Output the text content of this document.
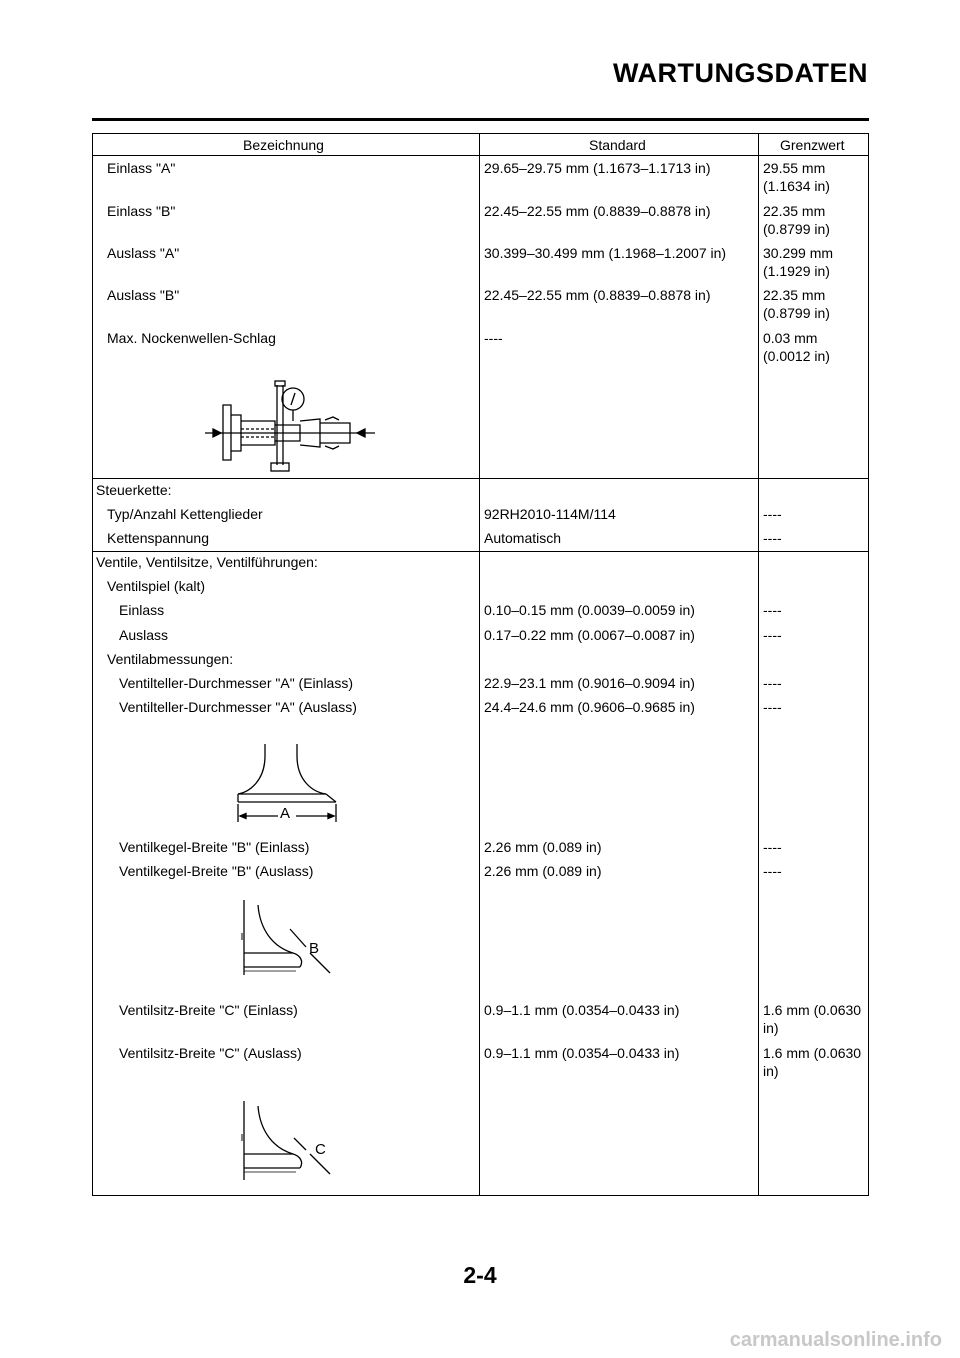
WARTUNGSDATEN
Bezeichnung	Standard	Grenzwert
Einlass "A"	29.65–29.75 mm (1.1673–1.1713 in)	29.55 mm
(1.1634 in)
Einlass "B"	22.45–22.55 mm (0.8839–0.8878 in)	22.35 mm
(0.8799 in)
Auslass "A"	30.399–30.499 mm (1.1968–1.2007 in)	30.299 mm
(1.1929 in)
Auslass "B"	22.45–22.55 mm (0.8839–0.8878 in)	22.35 mm
(0.8799 in)
Max. Nockenwellen-Schlag	----	0.03 mm
(0.0012 in)
Steuerkette:
Typ/Anzahl Kettenglieder	92RH2010-114M/114	----
Kettenspannung	Automatisch	----
Ventile, Ventilsitze, Ventilführungen:
Ventilspiel (kalt)
Einlass	0.10–0.15 mm (0.0039–0.0059 in)	----
Auslass	0.17–0.22 mm (0.0067–0.0087 in)	----
Ventilabmessungen:
Ventilteller-Durchmesser "A" (Einlass)	22.9–23.1 mm (0.9016–0.9094 in)	----
Ventilteller-Durchmesser "A" (Auslass)	24.4–24.6 mm (0.9606–0.9685 in)	----
A
Ventilkegel-Breite "B" (Einlass)	2.26 mm (0.089 in)	----
Ventilkegel-Breite "B" (Auslass)	2.26 mm (0.089 in)	----
B
Ventilsitz-Breite "C" (Einlass)	0.9–1.1 mm (0.0354–0.0433 in)	1.6 mm (0.0630
in)
Ventilsitz-Breite "C" (Auslass)	0.9–1.1 mm (0.0354–0.0433 in)	1.6 mm (0.0630
in)
C
2-4
carmanualsonline.info
